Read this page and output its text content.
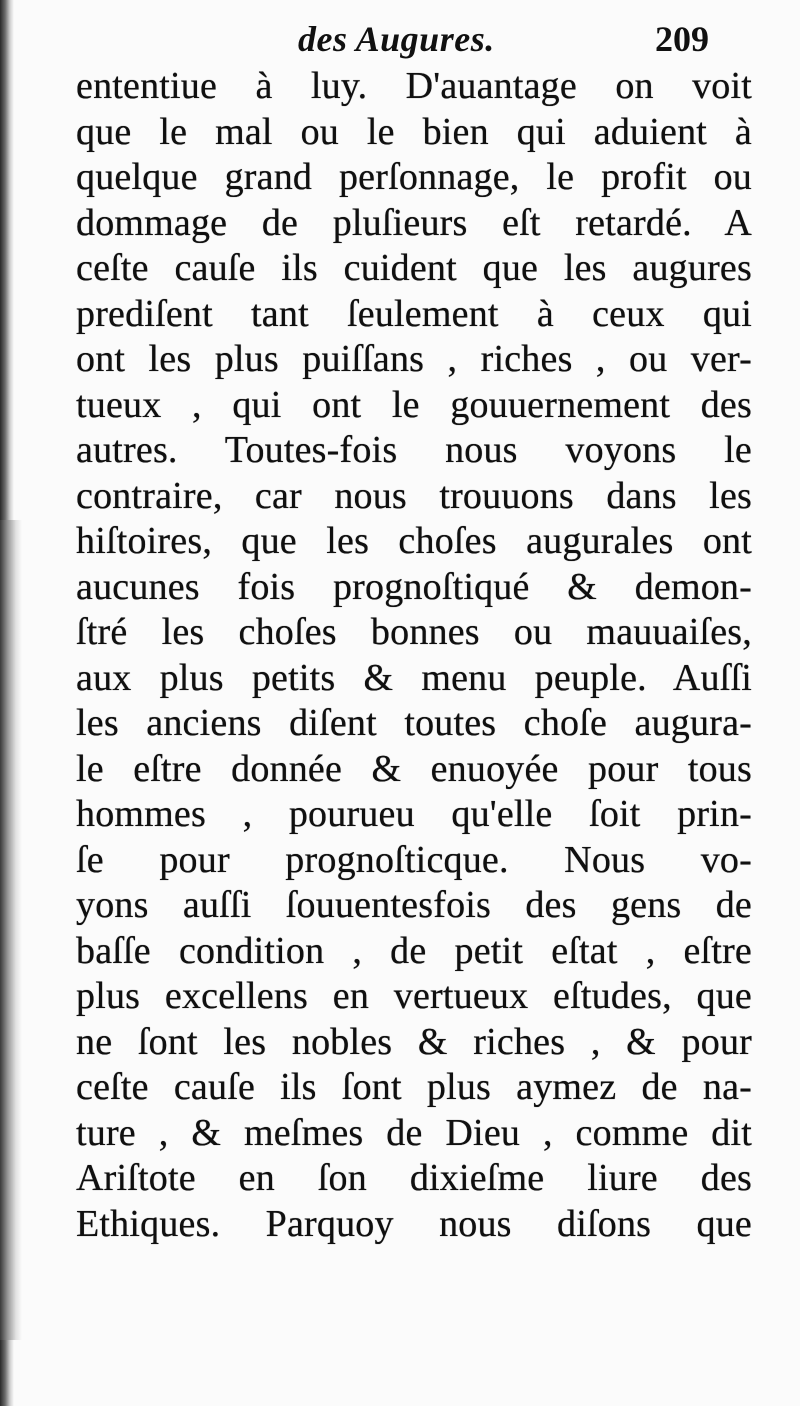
des Augures.	209
ententiue à luy. D'auantage on voit
que le mal ou le bien qui aduient à
quelque grand perſonnage, le profit ou
dommage de pluſieurs eſt retardé. A
ceſte cauſe ils cuident que les augures
prediſent tant ſeulement à ceux qui
ont les plus puiſſans , riches , ou ver-
tueux , qui ont le gouuernement des
autres. Toutes-fois nous voyons le
contraire, car nous trouuons dans les
hiſtoires, que les choſes augurales ont
aucunes fois prognoſtiqué & demon-
ſtré les choſes bonnes ou mauuaiſes,
aux plus petits & menu peuple. Auſſi
les anciens diſent toutes choſe augura-
le eſtre donnée & enuoyée pour tous
hommes , pourueu qu'elle ſoit prin-
ſe pour prognoſticque. Nous vo-
yons auſſi ſouuentesfois des gens de
baſſe condition , de petit eſtat , eſtre
plus excellens en vertueux eſtudes, que
ne ſont les nobles & riches , & pour
ceſte cauſe ils ſont plus aymez de na-
ture , & meſmes de Dieu , comme dit
Ariſtote en ſon dixieſme liure des
Ethiques. Parquoy nous diſons que
